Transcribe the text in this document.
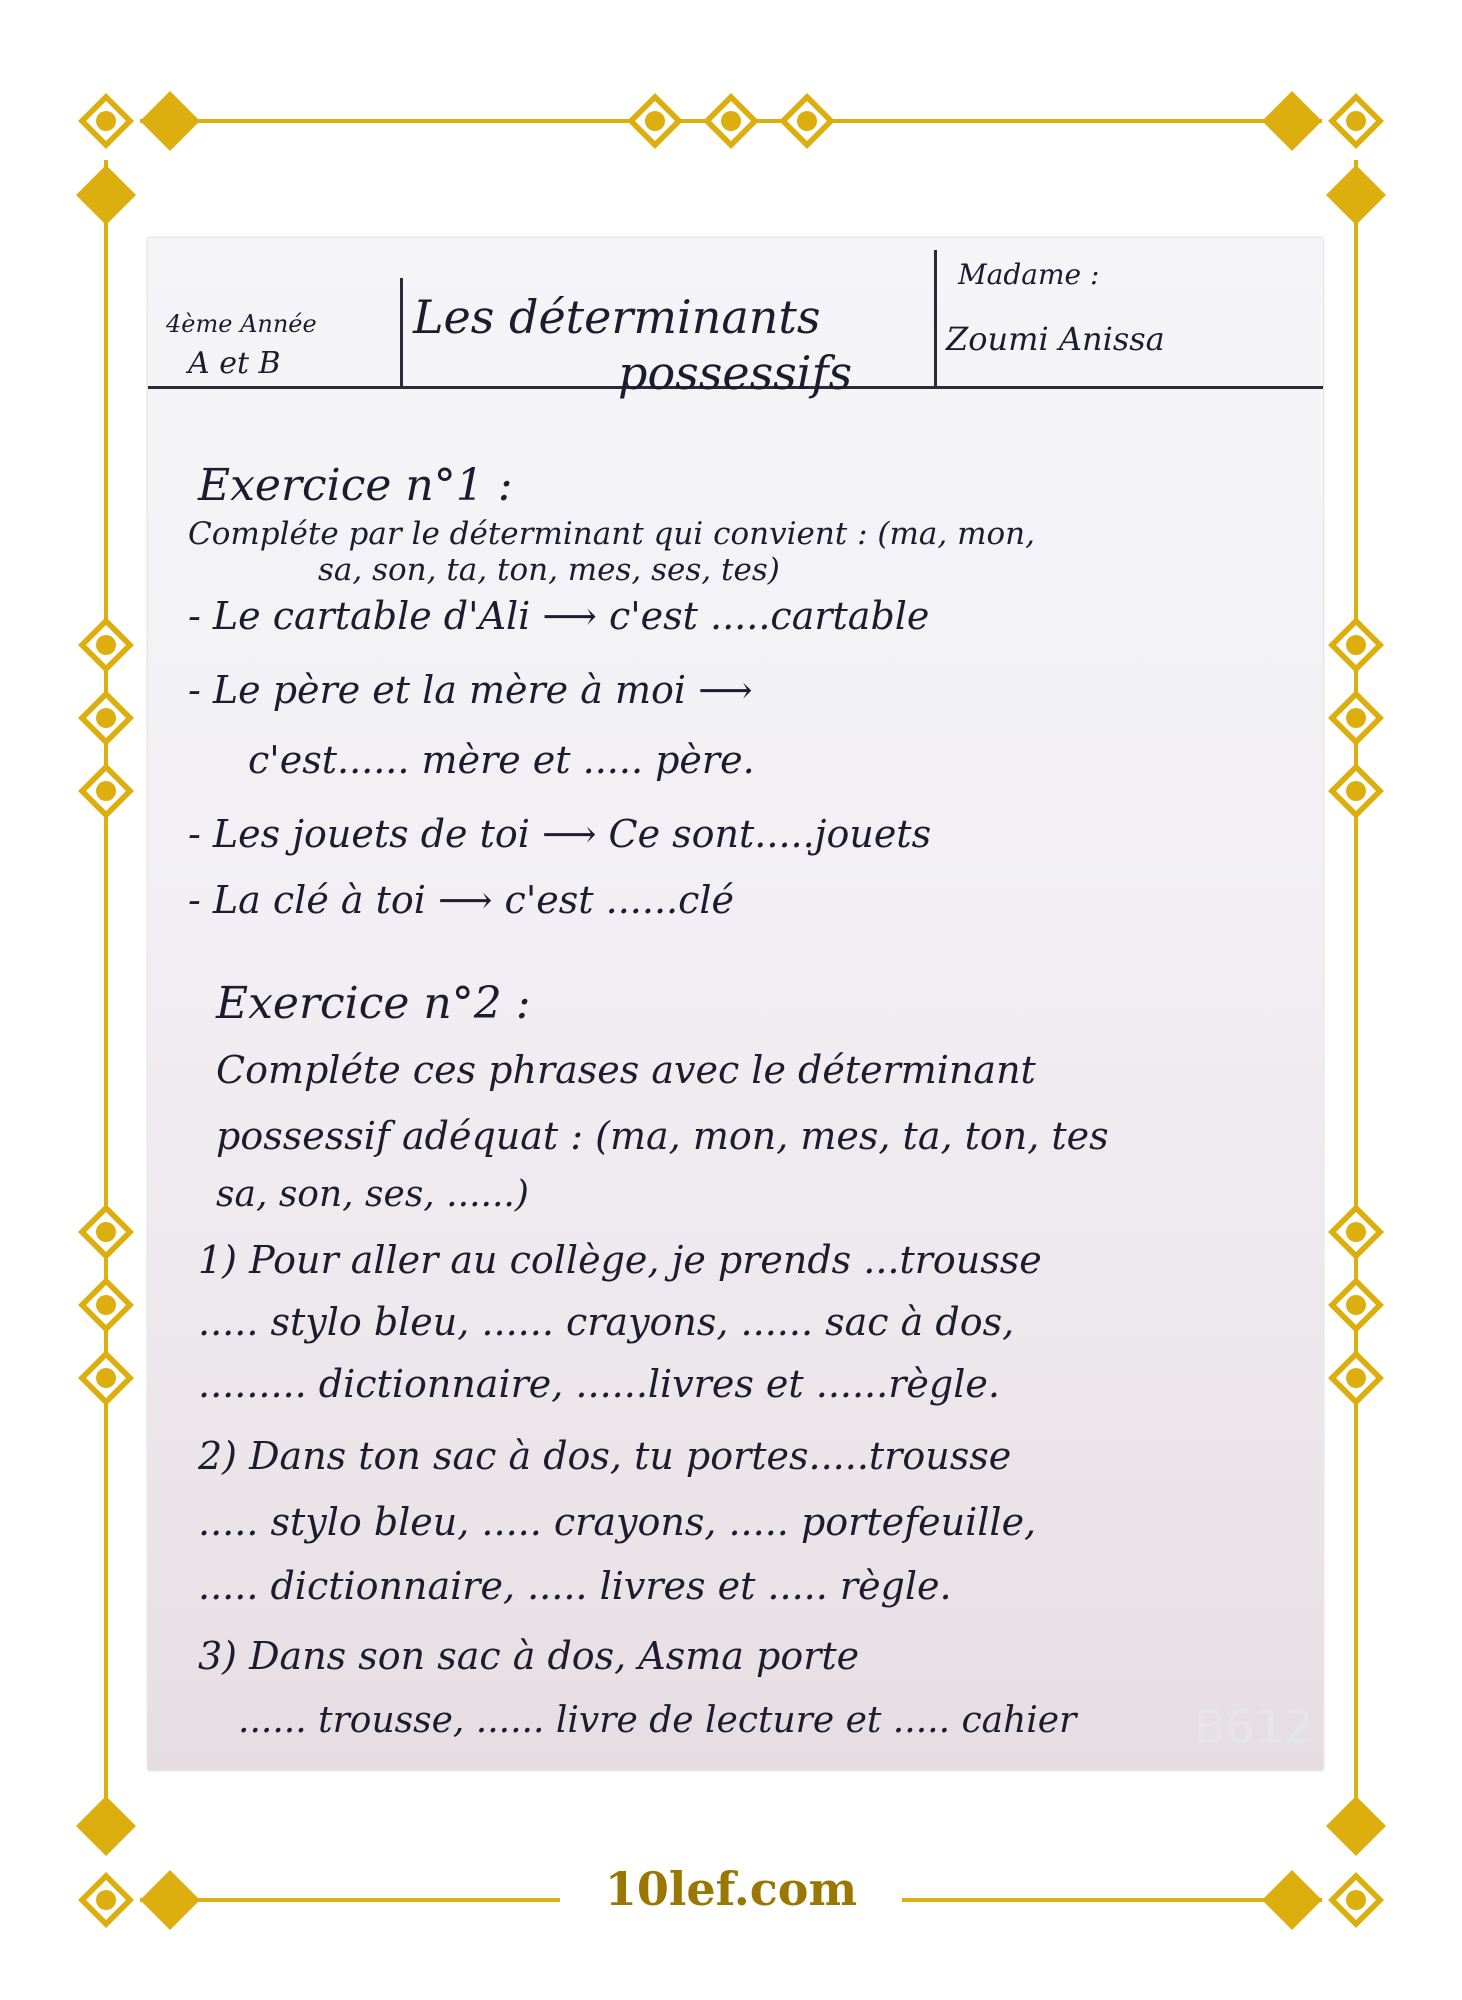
4ème Année
A et B
Les déterminants
possessifs
Madame :
Zoumi Anissa
Exercice n°1 :
Compléte par le déterminant qui convient : (ma, mon,
sa, son, ta, ton, mes, ses, tes)
- Le cartable d'Ali ⟶ c'est .....cartable
- Le père et la mère à moi ⟶
c'est...... mère et ..... père.
- Les jouets de toi ⟶ Ce sont.....jouets
- La clé à toi ⟶ c'est ......clé
Exercice n°2 :
Compléte ces phrases avec le déterminant
possessif adéquat : (ma, mon, mes, ta, ton, tes
sa, son, ses, ......)
1) Pour aller au collège, je prends ...trousse
..... stylo bleu, ...... crayons, ...... sac à dos,
......... dictionnaire, ......livres et ......règle.
2) Dans ton sac à dos, tu portes.....trousse
..... stylo bleu, ..... crayons, ..... portefeuille,
..... dictionnaire, ..... livres et ..... règle.
3) Dans son sac à dos, Asma porte
...... trousse, ...... livre de lecture et ..... cahier	B612
10lef.com
